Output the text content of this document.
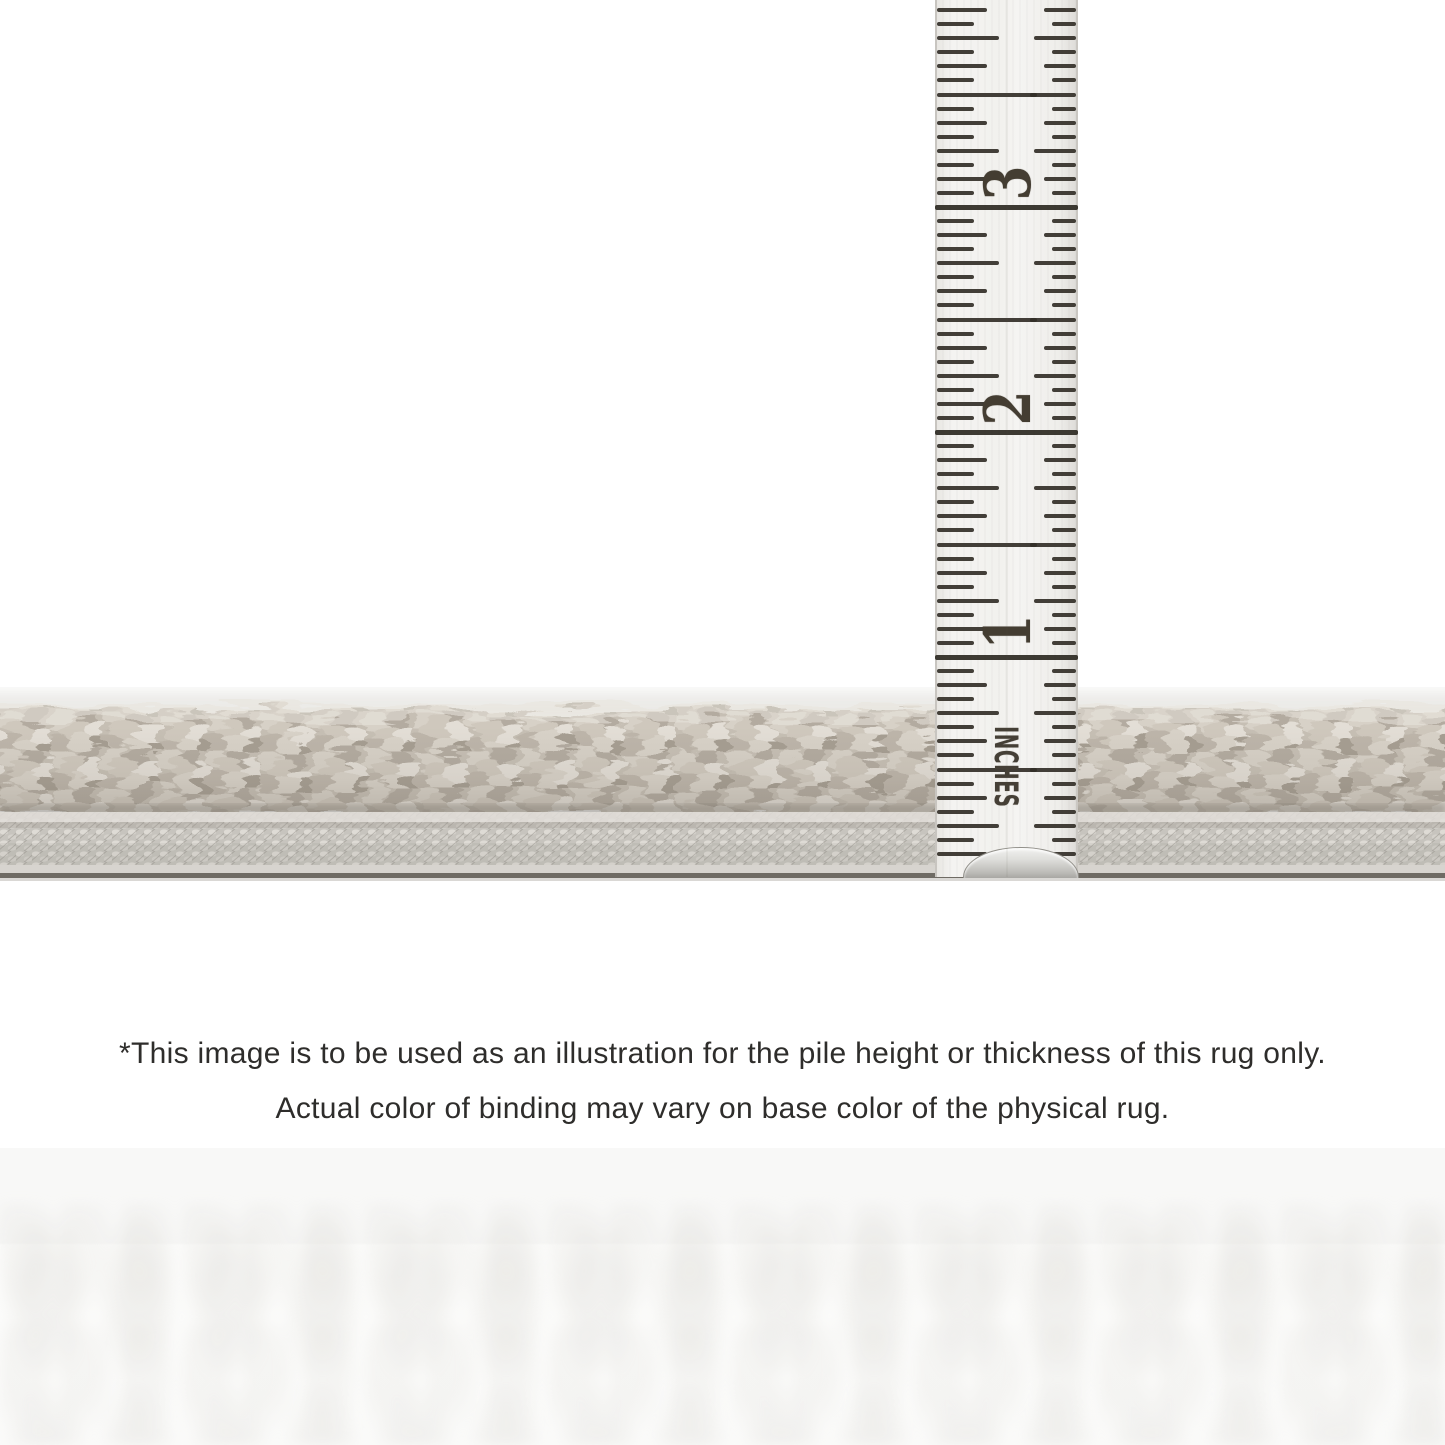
3
2
1
INCHES

*This image is to be used as an illustration for the pile height or thickness of this rug only.

Actual color of binding may vary on base color of the physical rug.
